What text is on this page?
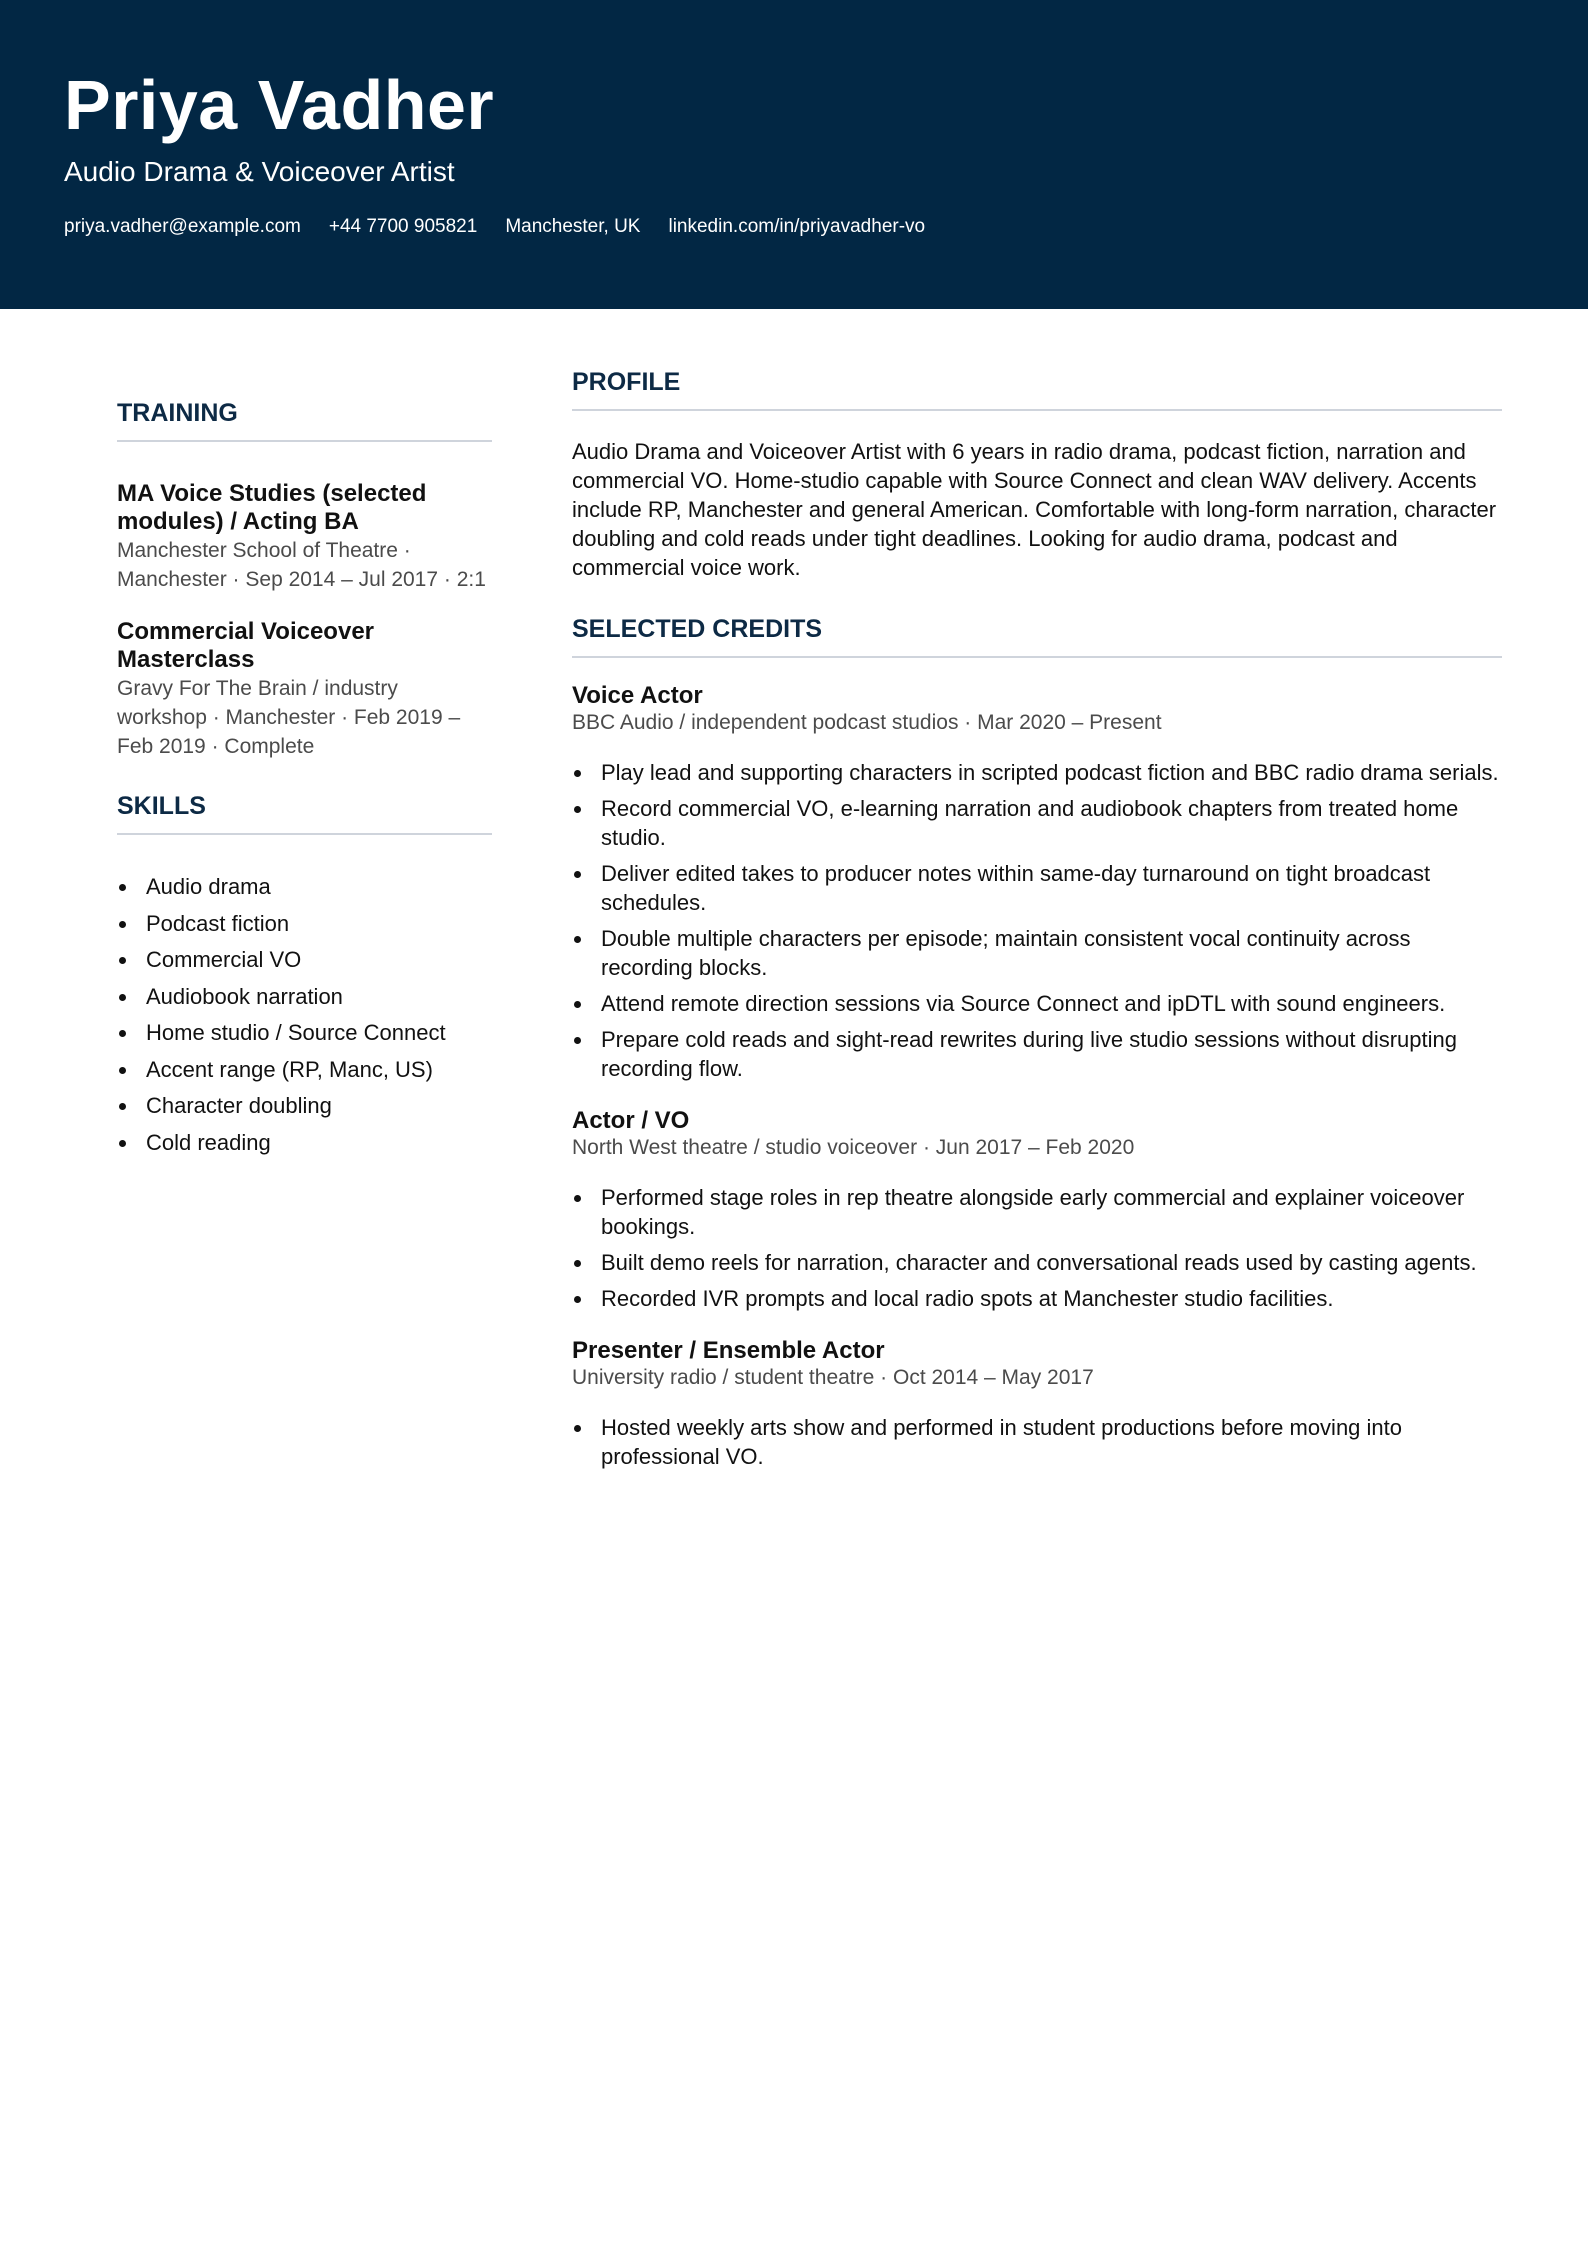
Priya Vadher
Audio Drama & Voiceover Artist
priya.vadher@example.com +44 7700 905821 Manchester, UK linkedin.com/in/priyavadher-vo
TRAINING
MA Voice Studies (selected modules) / Acting BA
Manchester School of Theatre · Manchester · Sep 2014 – Jul 2017 · 2:1
Commercial Voiceover Masterclass
Gravy For The Brain / industry workshop · Manchester · Feb 2019 – Feb 2019 · Complete
SKILLS
Audio drama
Podcast fiction
Commercial VO
Audiobook narration
Home studio / Source Connect
Accent range (RP, Manc, US)
Character doubling
Cold reading
PROFILE
Audio Drama and Voiceover Artist with 6 years in radio drama, podcast fiction, narration and commercial VO. Home-studio capable with Source Connect and clean WAV delivery. Accents include RP, Manchester and general American. Comfortable with long-form narration, character doubling and cold reads under tight deadlines. Looking for audio drama, podcast and commercial voice work.
SELECTED CREDITS
Voice Actor
BBC Audio / independent podcast studios · Mar 2020 – Present
Play lead and supporting characters in scripted podcast fiction and BBC radio drama serials.
Record commercial VO, e-learning narration and audiobook chapters from treated home studio.
Deliver edited takes to producer notes within same-day turnaround on tight broadcast schedules.
Double multiple characters per episode; maintain consistent vocal continuity across recording blocks.
Attend remote direction sessions via Source Connect and ipDTL with sound engineers.
Prepare cold reads and sight-read rewrites during live studio sessions without disrupting recording flow.
Actor / VO
North West theatre / studio voiceover · Jun 2017 – Feb 2020
Performed stage roles in rep theatre alongside early commercial and explainer voiceover bookings.
Built demo reels for narration, character and conversational reads used by casting agents.
Recorded IVR prompts and local radio spots at Manchester studio facilities.
Presenter / Ensemble Actor
University radio / student theatre · Oct 2014 – May 2017
Hosted weekly arts show and performed in student productions before moving into professional VO.
